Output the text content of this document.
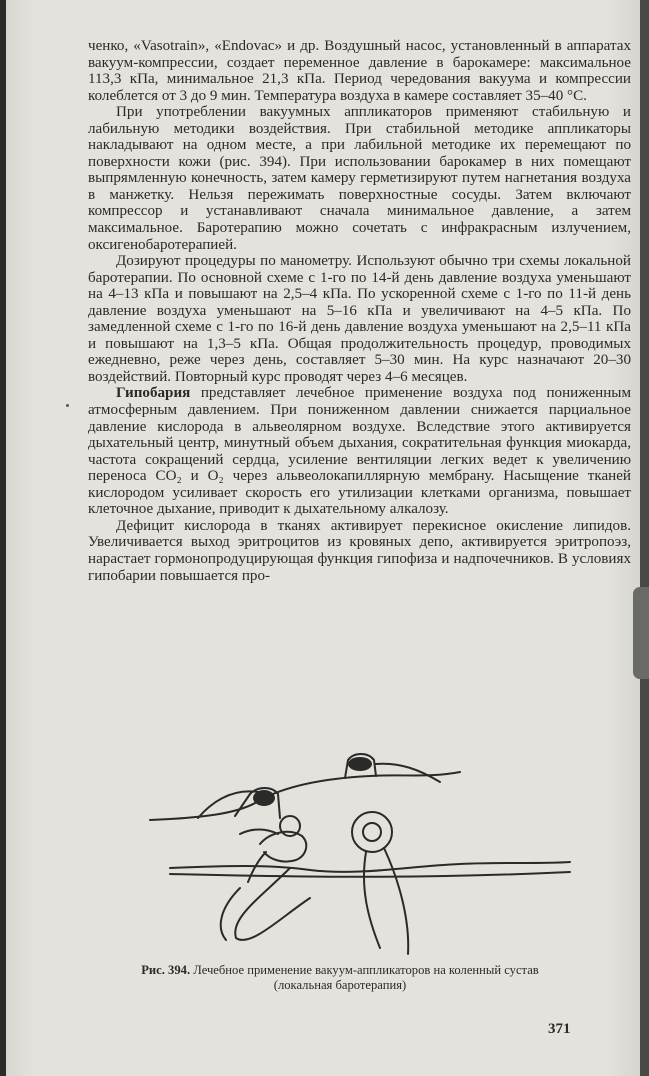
ченко, «Vasotrain», «Endovac» и др. Воздушный насос, установленный в аппаратах вакуум-компрессии, создает переменное давление в барокамере: максимальное 113,3 кПа, минимальное 21,3 кПа. Период чередования вакуума и компрессии колеблется от 3 до 9 мин. Температура воздуха в камере составляет 35–40 °С.

При употреблении вакуумных аппликаторов применяют стабильную и лабильную методики воздействия. При стабильной методике аппликаторы накладывают на одном месте, а при лабильной методике их перемещают по поверхности кожи (рис. 394). При использовании барокамер в них помещают выпрямленную конечность, затем камеру герметизируют путем нагнетания воздуха в манжетку. Нельзя пережимать поверхностные сосуды. Затем включают компрессор и устанавливают сначала минимальное давление, а затем максимальное. Баротерапию можно сочетать с инфракрасным излучением, оксигенобаротерапией.

Дозируют процедуры по манометру. Используют обычно три схемы локальной баротерапии. По основной схеме с 1-го по 14-й день давление воздуха уменьшают на 4–13 кПа и повышают на 2,5–4 кПа. По ускоренной схеме с 1-го по 11-й день давление воздуха уменьшают на 5–16 кПа и увеличивают на 4–5 кПа. По замедленной схеме с 1-го по 16-й день давление воздуха уменьшают на 2,5–11 кПа и повышают на 1,3–5 кПа. Общая продолжительность процедур, проводимых ежедневно, реже через день, составляет 5–30 мин. На курс назначают 20–30 воздействий. Повторный курс проводят через 4–6 месяцев.

Гипобария представляет лечебное применение воздуха под пониженным атмосферным давлением. При пониженном давлении снижается парциальное давление кислорода в альвеолярном воздухе. Вследствие этого активируется дыхательный центр, минутный объем дыхания, сократительная функция миокарда, частота сокращений сердца, усиление вентиляции легких ведет к увеличению переноса CO₂ и O₂ через альвеолокапиллярную мембрану. Насыщение тканей кислородом усиливает скорость его утилизации клетками организма, повышает клеточное дыхание, приводит к дыхательному алкалозу.

Дефицит кислорода в тканях активирует перекисное окисление липидов. Увеличивается выход эритроцитов из кровяных депо, активируется эритропоэз, нарастает гормонопродуцирующая функция гипофиза и надпочечников. В условиях гипобарии повышается про-

Рис. 394. Лечебное применение вакуум-аппликаторов на коленный сустав
(локальная баротерапия)
371
